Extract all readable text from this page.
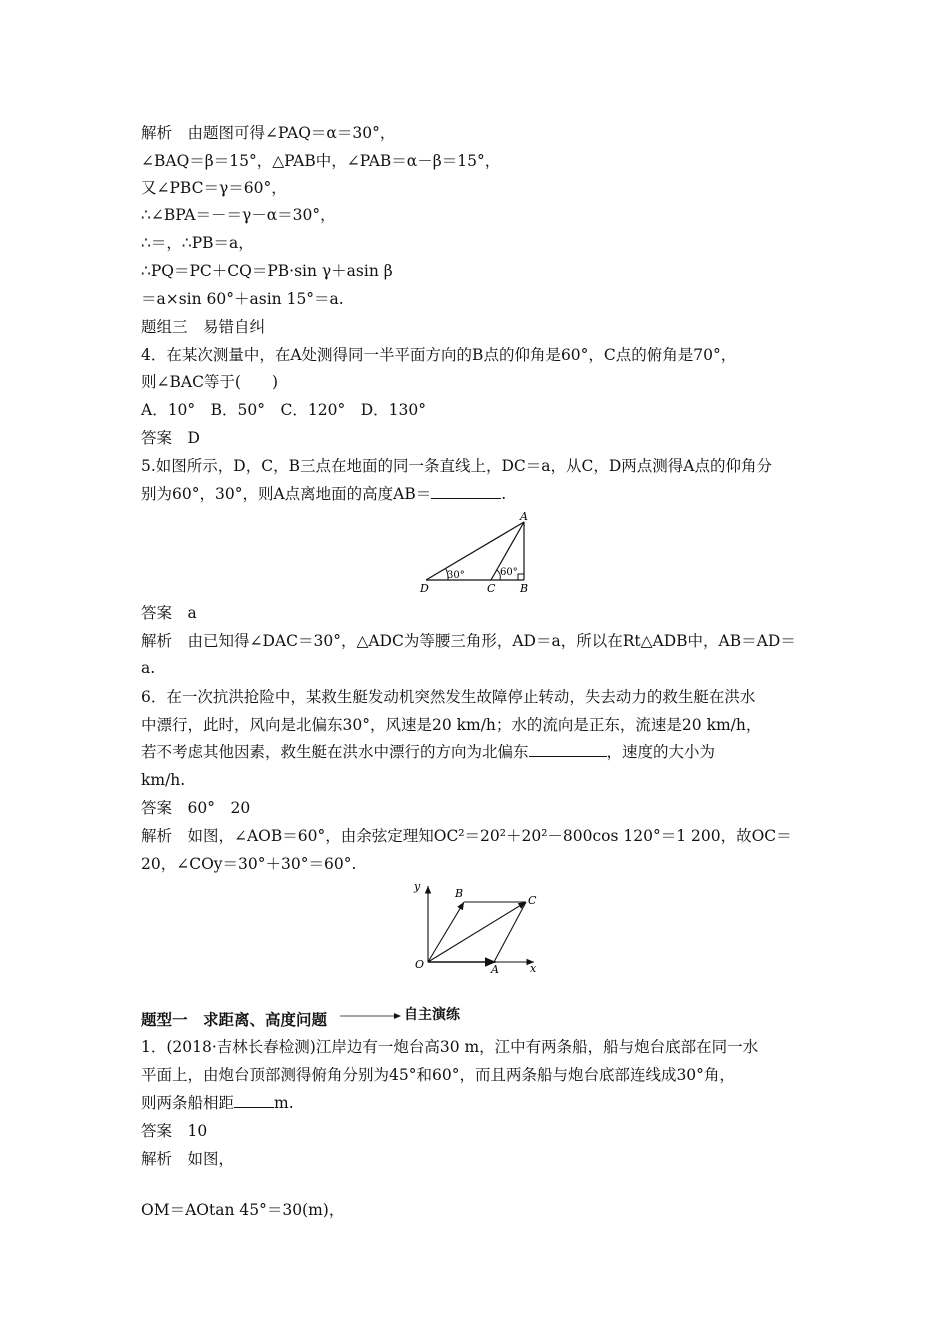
解析　由题图可得∠PAQ＝α＝30°，
∠BAQ＝β＝15°，△PAB中，∠PAB＝α－β＝15°，
又∠PBC＝γ＝60°，
∴∠BPA＝－＝γ－α＝30°，
∴＝，∴PB＝a，
∴PQ＝PC＋CQ＝PB·sin γ＋asin β
＝a×sin 60°＋asin 15°＝a.
题组三　易错自纠
4．在某次测量中，在A处测得同一半平面方向的B点的仰角是60°，C点的俯角是70°，
则∠BAC等于(　　)
A．10°　B．50°　C．120°　D．130°
答案　D
5.如图所示，D，C，B三点在地面的同一条直线上，DC＝a，从C，D两点测得A点的仰角分
别为60°，30°，则A点离地面的高度AB＝	.
30°	60°
A
D	C B
答案　a
解析　由已知得∠DAC＝30°，△ADC为等腰三角形，AD＝a，所以在Rt△ADB中，AB＝AD＝
a.
6．在一次抗洪抢险中，某救生艇发动机突然发生故障停止转动，失去动力的救生艇在洪水
中漂行，此时，风向是北偏东30°，风速是20 km/h；水的流向是正东，流速是20 km/h，
若不考虑其他因素，救生艇在洪水中漂行的方向为北偏东	，速度的大小为
km/h.
答案　60°　20
解析　如图，∠AOB＝60°，由余弦定理知OC²＝20²＋20²－800cos 120°＝1 200，故OC＝
20，∠COy＝30°＋30°＝60°.
y
x
O	A
B
C
题型一　求距离、高度问题	自主演练
1．(2018·吉林长春检测)江岸边有一炮台高30 m，江中有两条船，船与炮台底部在同一水
平面上，由炮台顶部测得俯角分别为45°和60°，而且两条船与炮台底部连线成30°角，
则两条船相距	m.
答案　10
解析　如图，
OM＝AOtan 45°＝30(m)，
